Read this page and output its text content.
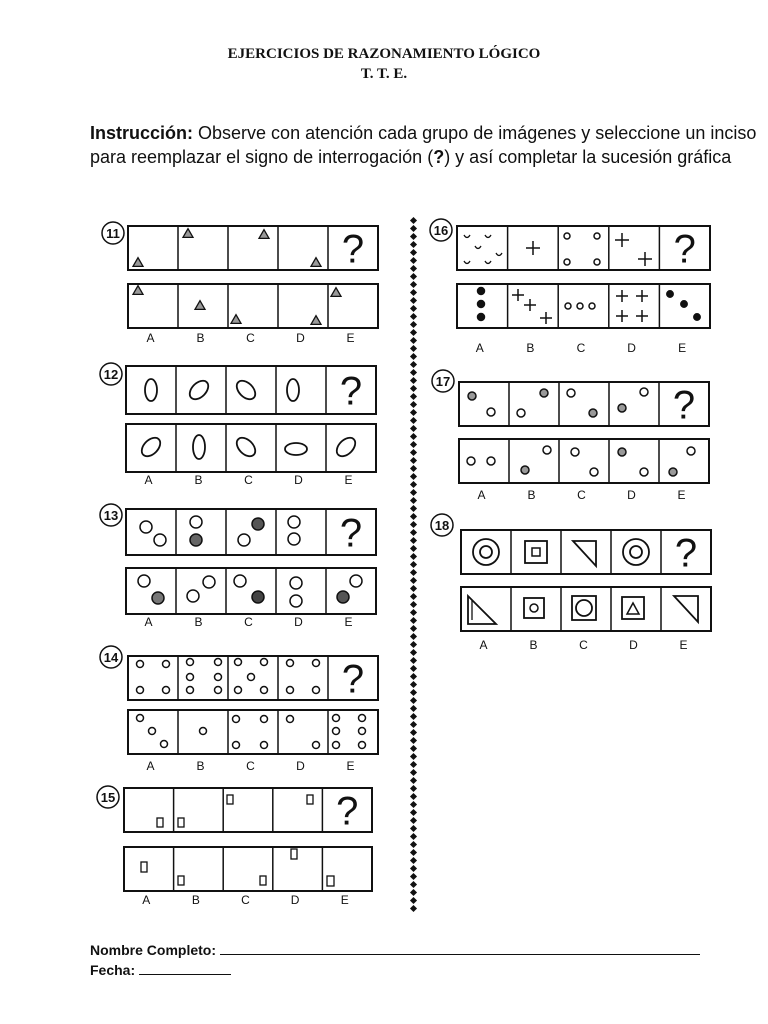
EJERCICIOS DE RAZONAMIENTO LÓGICO
T. T. E.
Instrucción: Observe con atención cada grupo de imágenes y seleccione un inciso para reemplazar el signo de interrogación (?) y así completar la sucesión gráfica
11	?
A	B	C	D	E
12	?
A	B	C	D	E
13	?
A	B	C	D	E
14	?
A	B	C	D	E
15	?
A	B	C	D	E
16	?
A	B	C	D	E
17
?
A	B	C	D	E
18
?
A	B	C	D	E
Nombre Completo:
Fecha:
